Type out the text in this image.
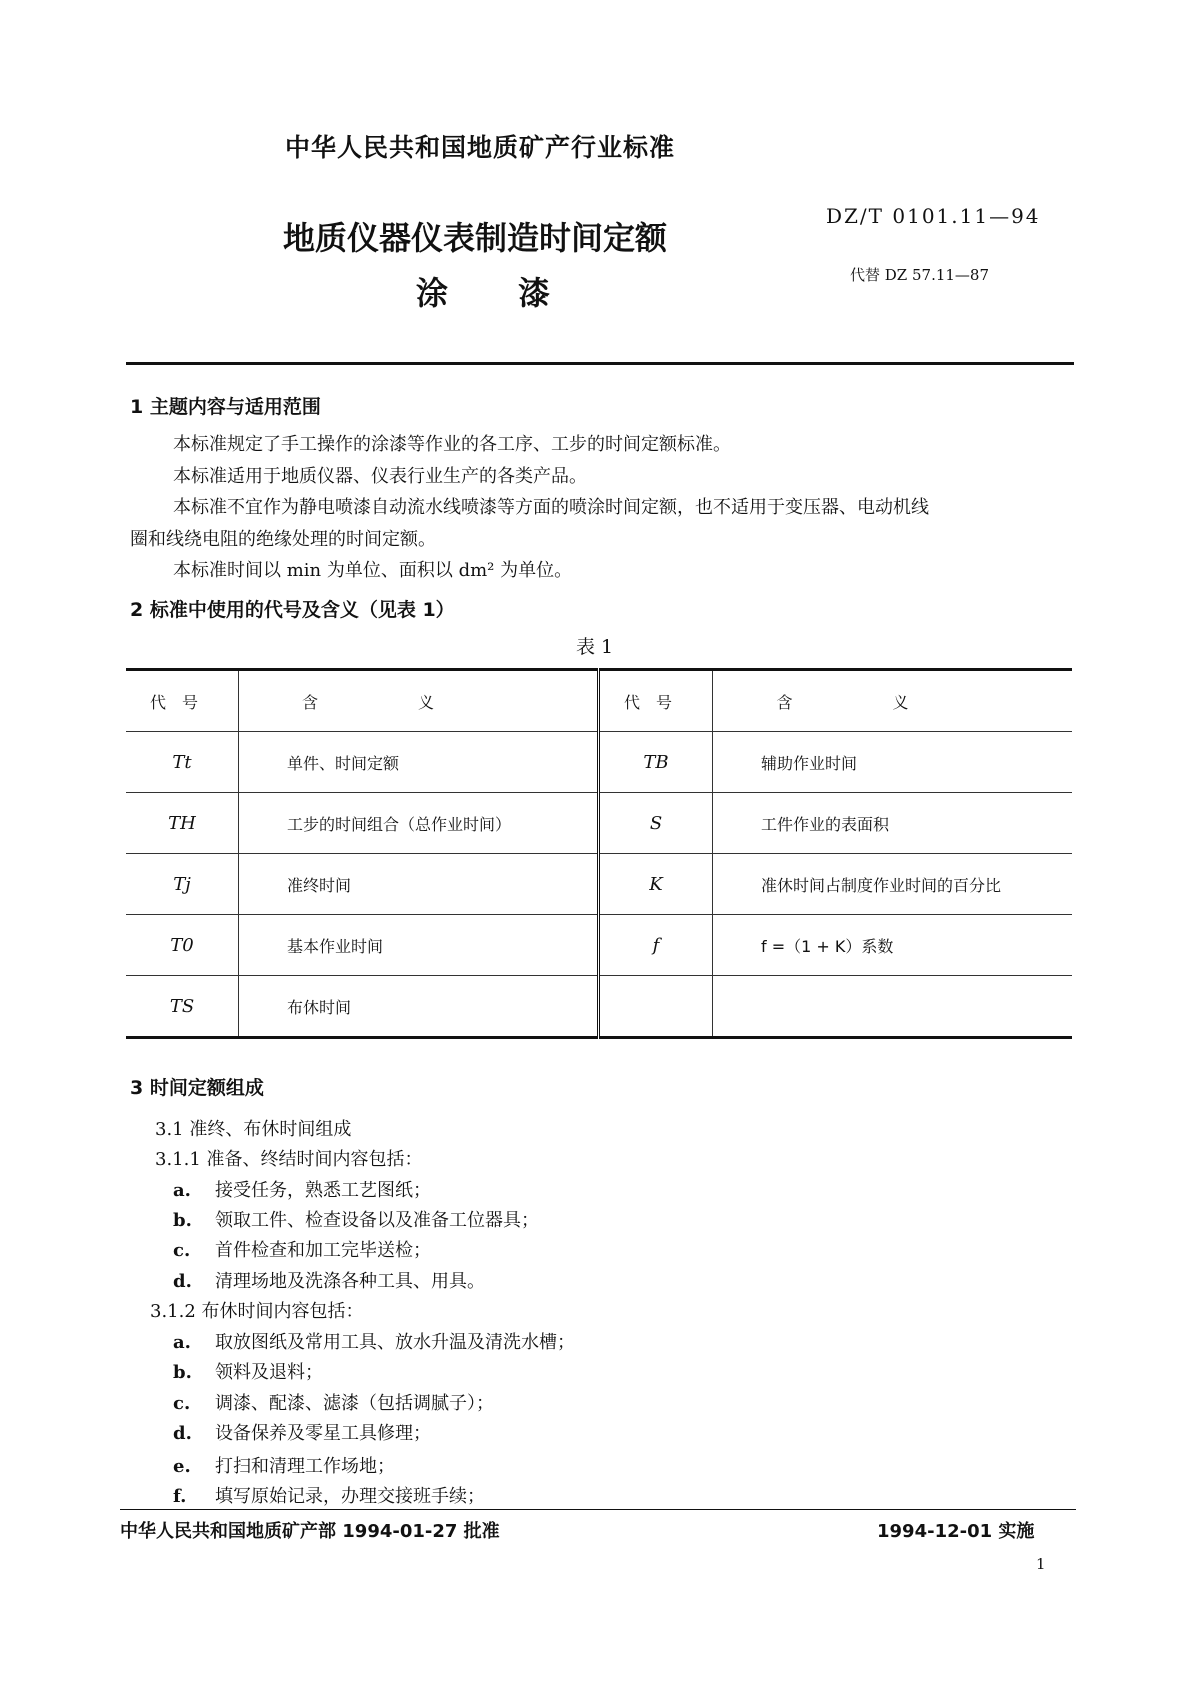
中华人民共和国地质矿产行业标准
地质仪器仪表制造时间定额
涂漆
DZ/T 0101.11—94
代替 DZ 57.11—87
1 主题内容与适用范围
本标准规定了手工操作的涂漆等作业的各工序、工步的时间定额标准。
本标准适用于地质仪器、仪表行业生产的各类产品。
本标准不宜作为静电喷漆自动流水线喷漆等方面的喷涂时间定额，也不适用于变压器、电动机线
圈和线绕电阻的绝缘处理的时间定额。
本标准时间以 min 为单位、面积以 dm² 为单位。
2 标准中使用的代号及含义（见表 1）
表 1
代号	含义	代号	含义
Tt	单件、时间定额	TB	辅助作业时间
TH	工步的时间组合（总作业时间）	S	工件作业的表面积
Tj	准终时间	K	准休时间占制度作业时间的百分比
T0	基本作业时间	f	f =（1 + K）系数
TS	布休时间		
3 时间定额组成
3.1 准终、布休时间组成
3.1.1 准备、终结时间内容包括：
a. 接受任务，熟悉工艺图纸；
b. 领取工件、检查设备以及准备工位器具；
c. 首件检查和加工完毕送检；
d. 清理场地及洗涤各种工具、用具。
3.1.2 布休时间内容包括：
a. 取放图纸及常用工具、放水升温及清洗水槽；
b. 领料及退料；
c. 调漆、配漆、滤漆（包括调腻子）；
d. 设备保养及零星工具修理；
e. 打扫和清理工作场地；
f. 填写原始记录，办理交接班手续；
中华人民共和国地质矿产部 1994-01-27 批准	1994-12-01 实施
1
